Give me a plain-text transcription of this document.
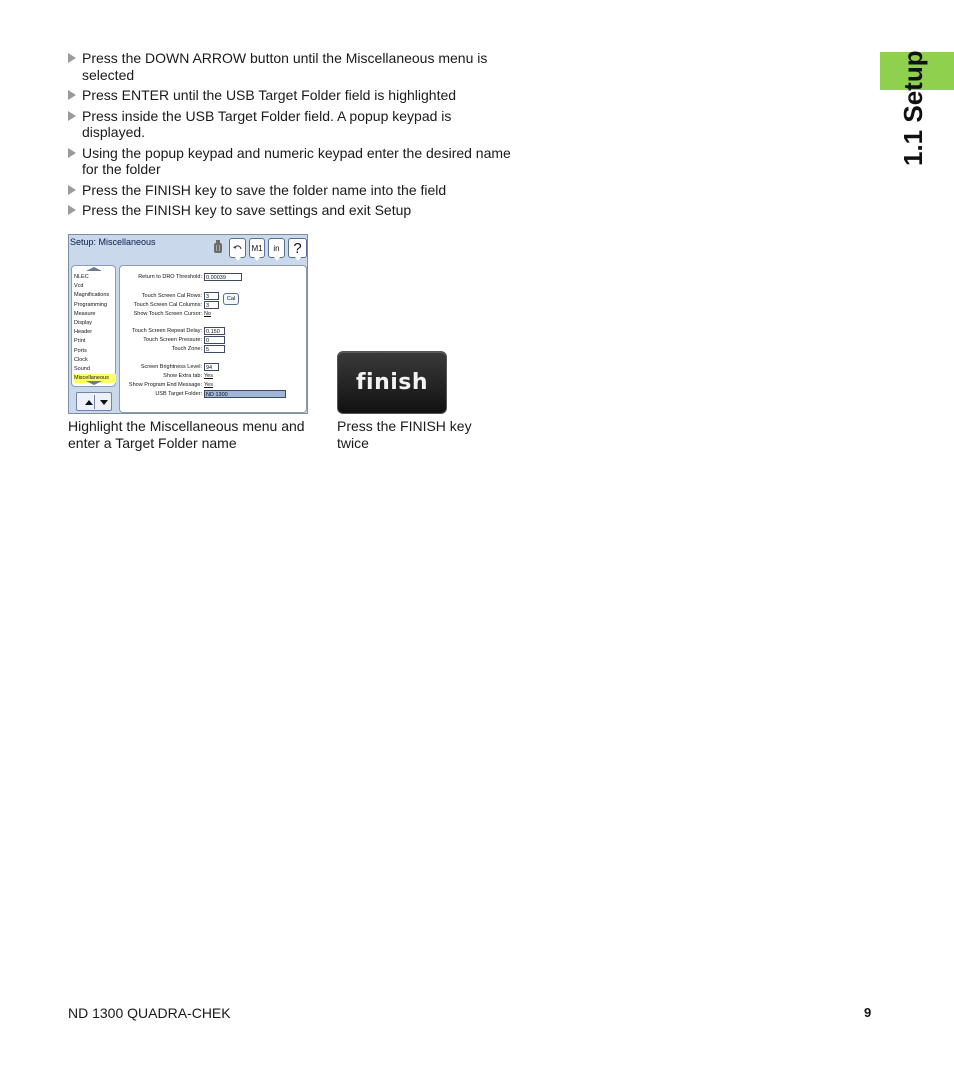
1.1 Setup
Press the DOWN ARROW button until the Miscellaneous menu is selected
Press ENTER until the USB Target Folder field is highlighted
Press inside the USB Target Folder field. A popup keypad is displayed.
Using the popup keypad and numeric keypad enter the desired name for the folder
Press the FINISH key to save the folder name into the field
Press the FINISH key to save settings and exit Setup
Setup: Miscellaneous
M1	in ?
NLEC
Vcd
Magnifications
Programming
Measure
Display
Header
Print
Ports
Clock
Sound
Miscellaneous
Return to DRO Threshold: 0.00039
Touch Screen Cal Rows: 3
Touch Screen Cal Columns: 3
Cal
Show Touch Screen Cursor: No
Touch Screen Repeat Delay: 0.150
Touch Screen Pressure: 0
Touch Zone: 5
Screen Brightness Level: 94
Show Extra tab: Yes
Show Program End Message: Yes
USB Target Folder: ND 1300
Highlight the Miscellaneous menu and enter a Target Folder name
finish
Press the FINISH key twice
ND 1300 QUADRA-CHEK	9
